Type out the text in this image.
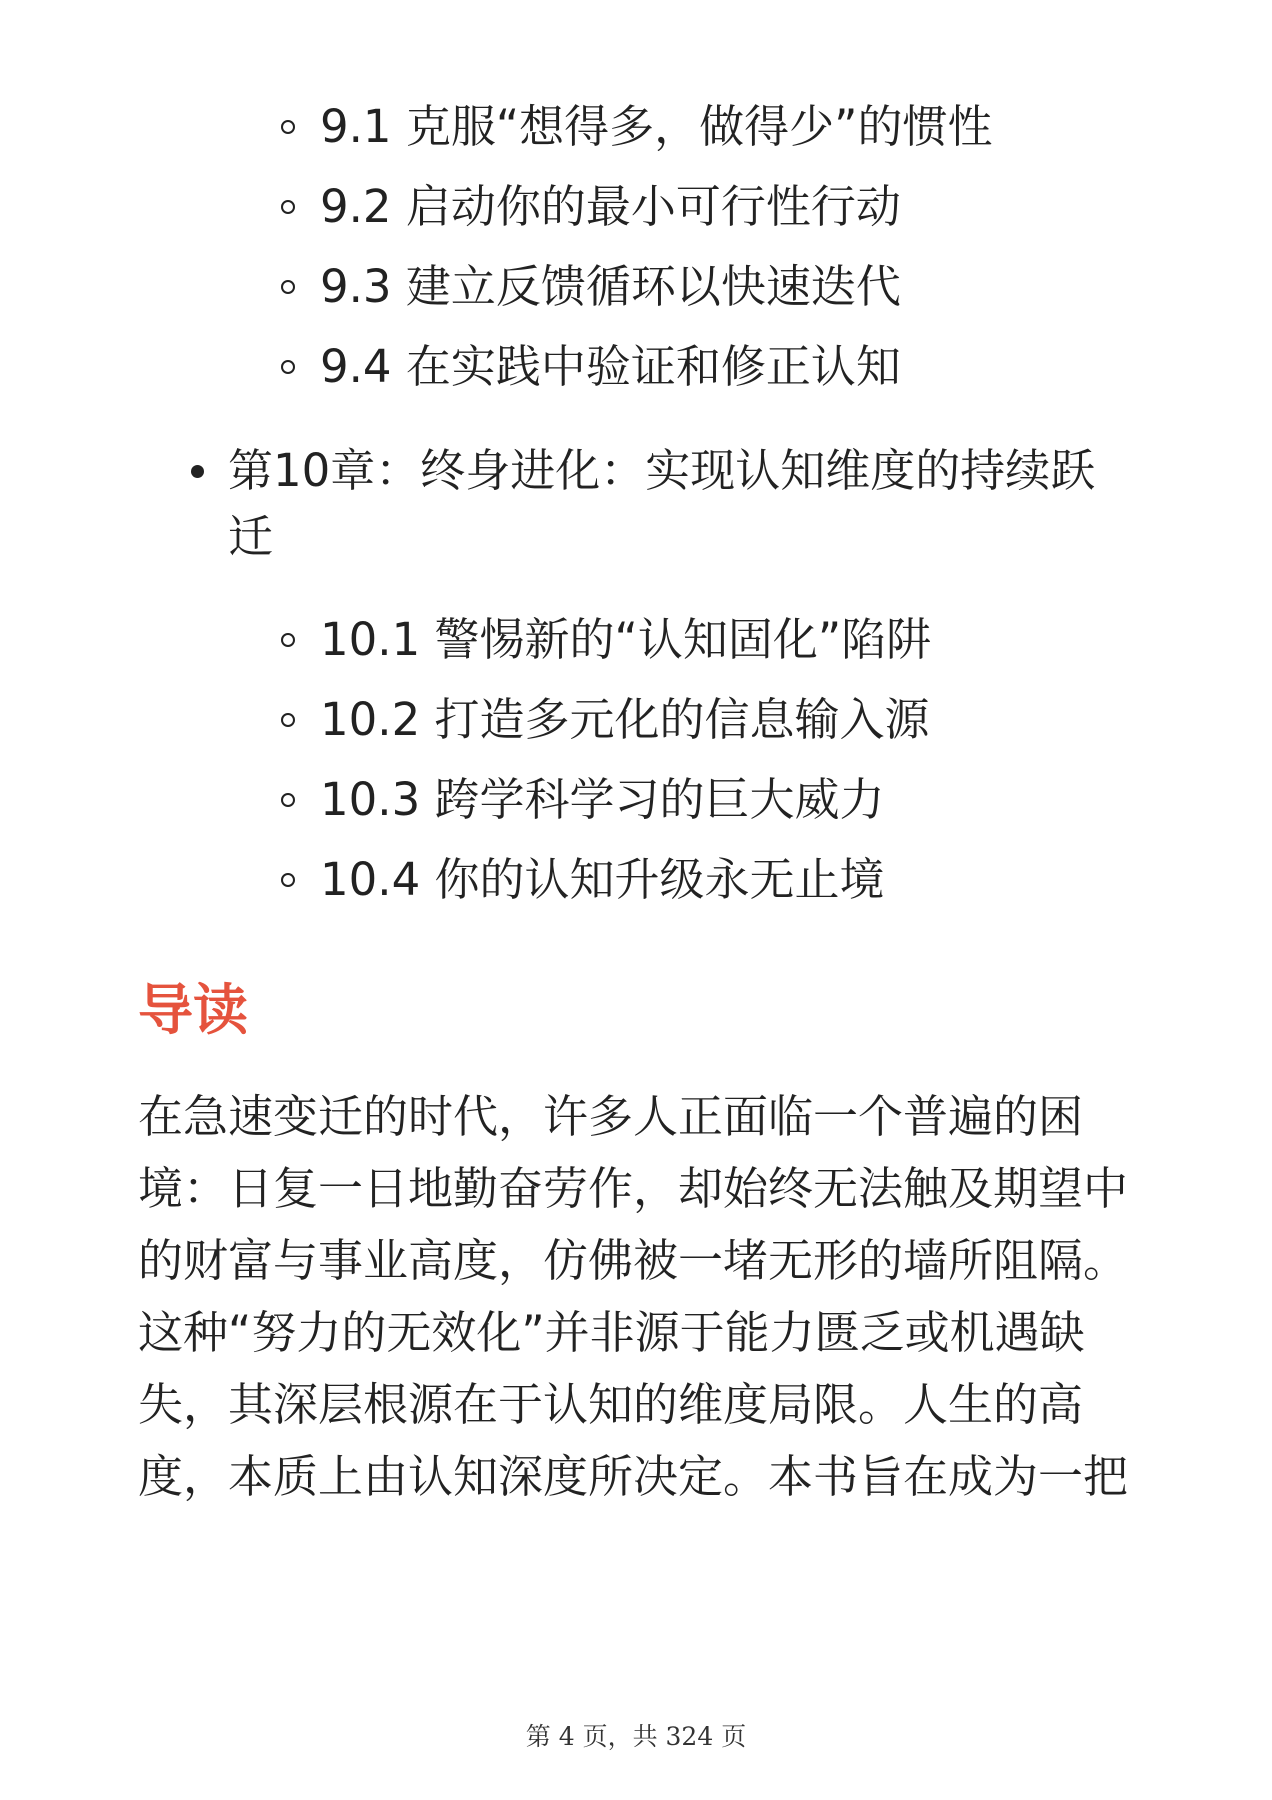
9.1 克服“想得多，做得少”的惯性
9.2 启动你的最小可行性行动
9.3 建立反馈循环以快速迭代
9.4 在实践中验证和修正认知
第10章：终身进化：实现认知维度的持续跃迁
10.1 警惕新的“认知固化”陷阱
10.2 打造多元化的信息输入源
10.3 跨学科学习的巨大威力
10.4 你的认知升级永无止境
导读

在急速变迁的时代，许多人正面临一个普遍的困境：日复一日地勤奋劳作，却始终无法触及期望中的财富与事业高度，仿佛被一堵无形的墙所阻隔。这种“努力的无效化”并非源于能力匮乏或机遇缺失，其深层根源在于认知的维度局限。人生的高度，本质上由认知深度所决定。本书旨在成为一把

第 4 页，共 324 页
